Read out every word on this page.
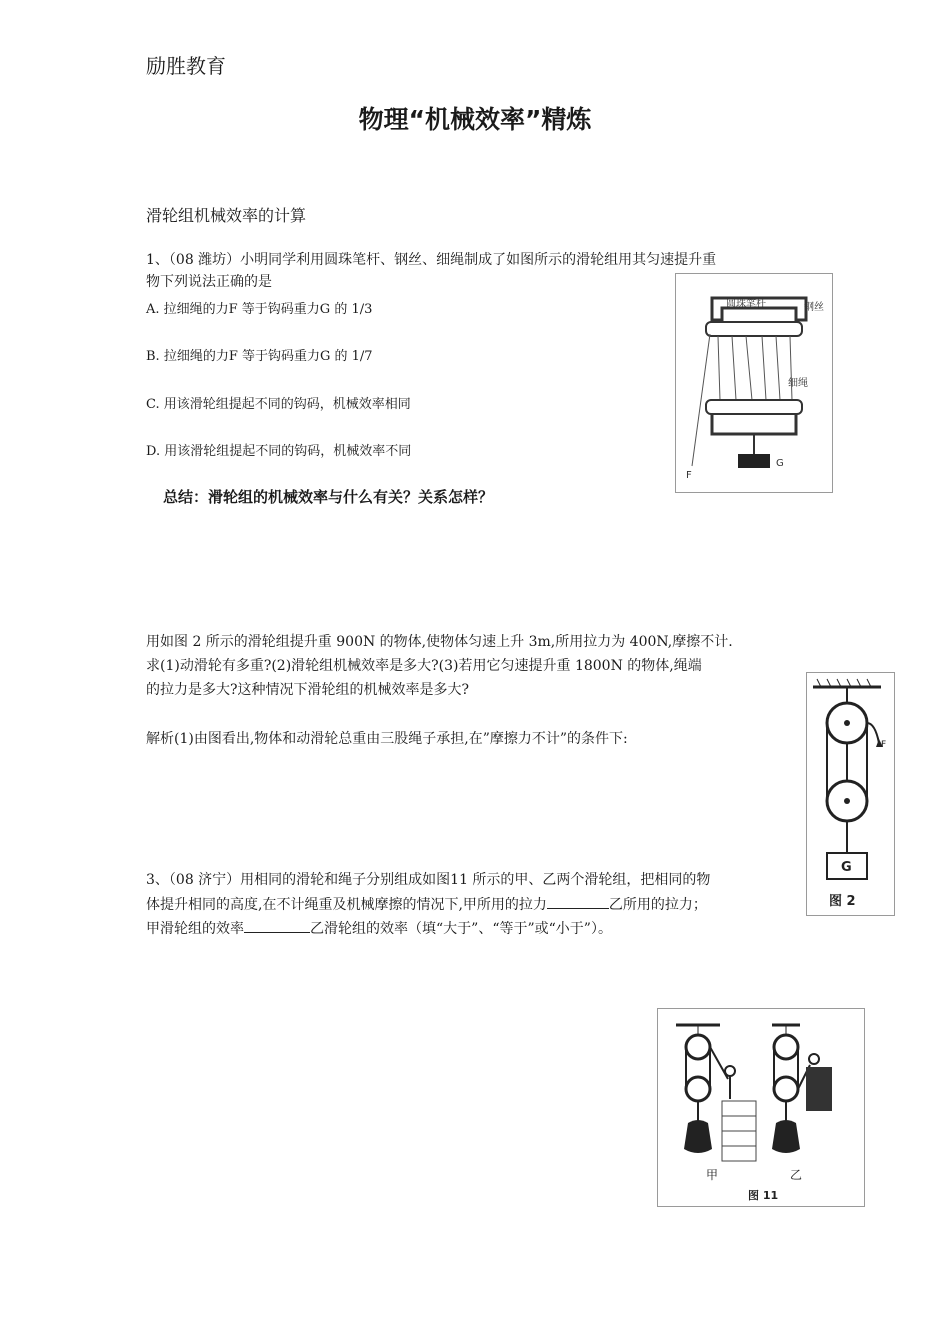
励胜教育
物理“机械效率”精炼
滑轮组机械效率的计算
1、（08 潍坊）小明同学利用圆珠笔杆、钢丝、细绳制成了如图所示的滑轮组用其匀速提升重
物下列说法正确的是
A. 拉细绳的力F 等于钩码重力G 的 1/3
B. 拉细绳的力F 等于钩码重力G 的 1/7
C. 用该滑轮组提起不同的钩码，机械效率相同
D. 用该滑轮组提起不同的钩码，机械效率不同
总结：滑轮组的机械效率与什么有关？关系怎样？
圆珠笔杆	钢丝
细绳
F
G
用如图 2 所示的滑轮组提升重 900N 的物体,使物体匀速上升 3m,所用拉力为 400N,摩擦不计.
求(1)动滑轮有多重?(2)滑轮组机械效率是多大?(3)若用它匀速提升重 1800N 的物体,绳端
的拉力是多大?这种情况下滑轮组的机械效率是多大?
解析(1)由图看出,物体和动滑轮总重由三股绳子承担,在”摩擦力不计”的条件下:	F
G
图 2
3、（08 济宁）用相同的滑轮和绳子分别组成如图11 所示的甲、乙两个滑轮组，把相同的物
体提升相同的高度,在不计绳重及机械摩擦的情况下,甲所用的拉力	乙所用的拉力；
甲滑轮组的效率	乙滑轮组的效率（填“大于”、“等于”或“小于”）。
甲	乙
图 11
